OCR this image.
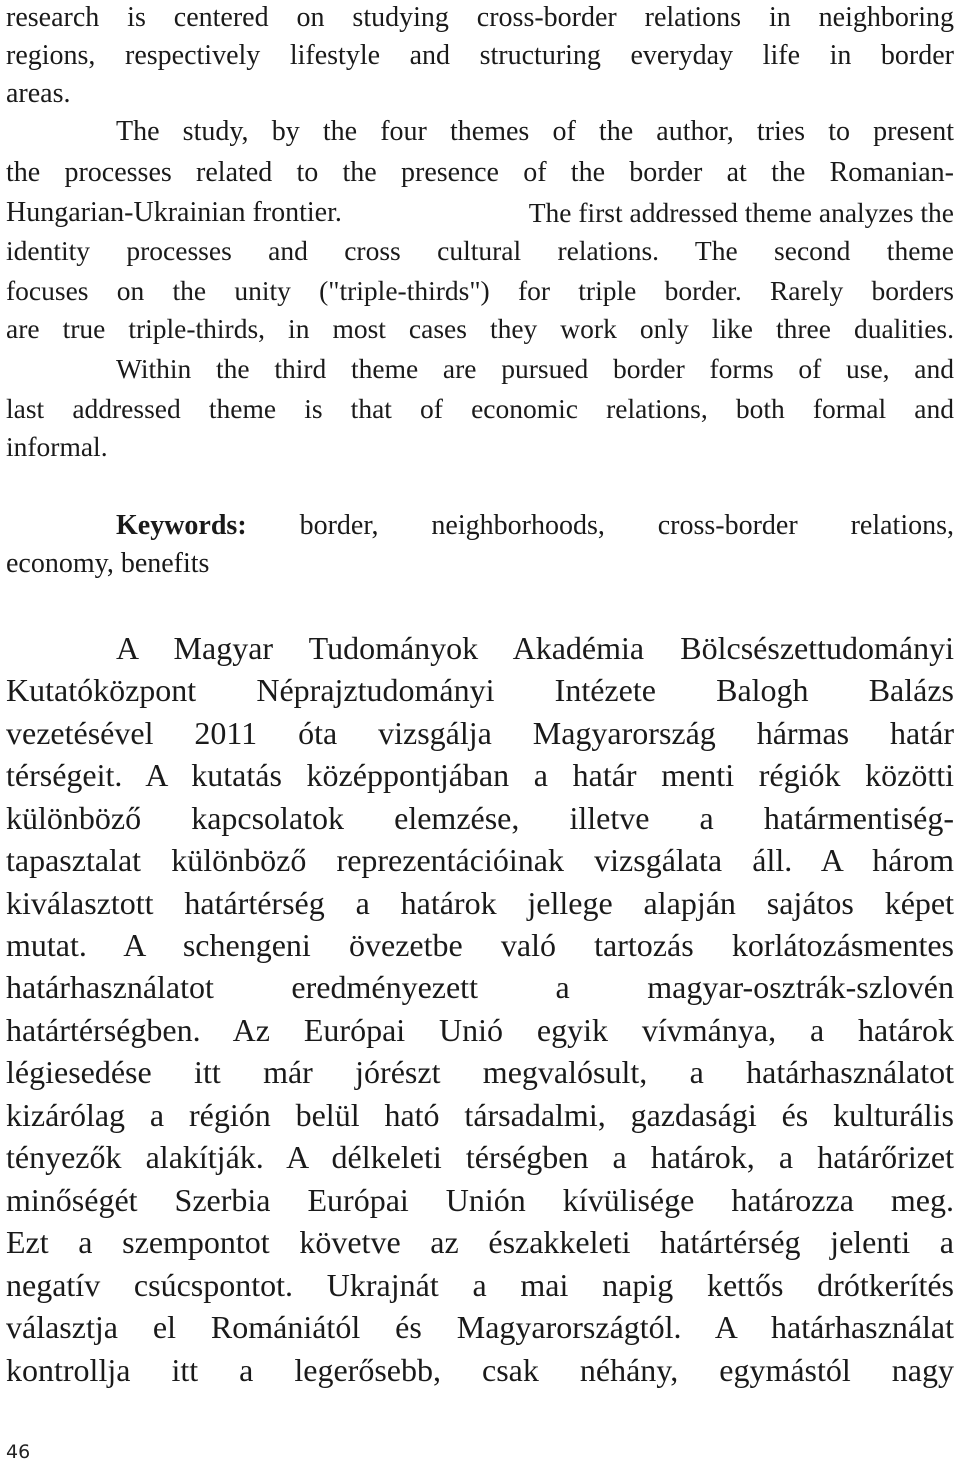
research is centered on studying cross-border relations in neighboring
regions, respectively lifestyle and structuring everyday life in border
areas.
The study, by the four themes of the author, tries to present
the processes related to the presence of the border at the Romanian-
Hungarian-Ukrainian frontier.	The first addressed theme analyzes the
identity processes and cross cultural relations. The second theme
focuses on the unity ("triple-thirds") for triple border. Rarely borders
are true triple-thirds, in most cases they work only like three dualities.
Within the third theme are pursued border forms of use, and
last addressed theme is that of economic relations, both formal and
informal.
Keywords: border, neighborhoods, cross-border relations,
economy, benefits
A Magyar Tudományok Akadémia Bölcsészettudományi
Kutatóközpont Néprajztudományi Intézete Balogh Balázs
vezetésével 2011 óta vizsgálja Magyarország hármas határ
térségeit. A kutatás középpontjában a határ menti régiók közötti
különböző kapcsolatok elemzése, illetve a határmentiség-
tapasztalat különböző reprezentációinak vizsgálata áll. A három
kiválasztott határtérség a határok jellege alapján sajátos képet
mutat. A schengeni övezetbe való tartozás korlátozásmentes
határhasználatot eredményezett a magyar-osztrák-szlovén
határtérségben. Az Európai Unió egyik vívmánya, a határok
légiesedése itt már jórészt megvalósult, a határhasználatot
kizárólag a régión belül ható társadalmi, gazdasági és kulturális
tényezők alakítják. A délkeleti térségben a határok, a határőrizet
minőségét Szerbia Európai Unión kívülisége határozza meg.
Ezt a szempontot követve az északkeleti határtérség jelenti a
negatív csúcspontot. Ukrajnát a mai napig kettős drótkerítés
választja el Romániától és Magyarországtól. A határhasználat
kontrollja itt a legerősebb, csak néhány, egymástól nagy
46
